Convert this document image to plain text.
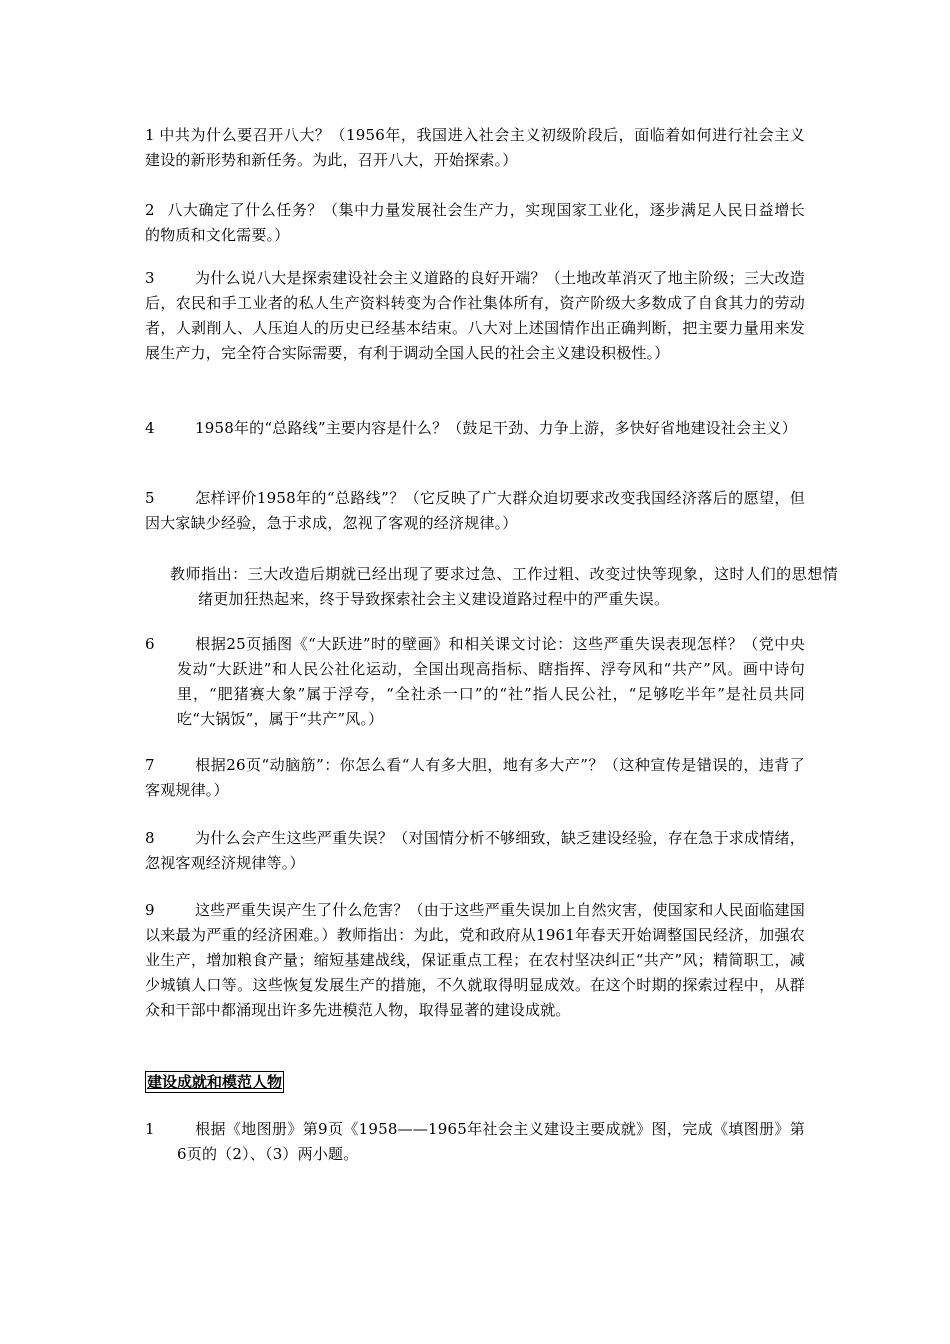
1 中共为什么要召开八大？（1956年，我国进入社会主义初级阶段后，面临着如何进行社会主义建设的新形势和新任务。为此，召开八大，开始探索。）

2 八大确定了什么任务？（集中力量发展社会生产力，实现国家工业化，逐步满足人民日益增长的物质和文化需要。）

3	为什么说八大是探索建设社会主义道路的良好开端？（土地改革消灭了地主阶级；三大改造后，农民和手工业者的私人生产资料转变为合作社集体所有，资产阶级大多数成了自食其力的劳动者，人剥削人、人压迫人的历史已经基本结束。八大对上述国情作出正确判断，把主要力量用来发展生产力，完全符合实际需要，有利于调动全国人民的社会主义建设积极性。）

4	1958年的“总路线”主要内容是什么？（鼓足干劲、力争上游，多快好省地建设社会主义）

5	怎样评价1958年的“总路线”？（它反映了广大群众迫切要求改变我国经济落后的愿望，但因大家缺少经验，急于求成，忽视了客观的经济规律。）

教师指出：三大改造后期就已经出现了要求过急、工作过粗、改变过快等现象，这时人们的思想情绪更加狂热起来，终于导致探索社会主义建设道路过程中的严重失误。

6	根据25页插图《“大跃进”时的壁画》和相关课文讨论：这些严重失误表现怎样？（党中央发动“大跃进”和人民公社化运动，全国出现高指标、瞎指挥、浮夸风和“共产”风。画中诗句里，“肥猪赛大象”属于浮夸，“全社杀一口”的“社”指人民公社，“足够吃半年”是社员共同吃“大锅饭”，属于“共产”风。）

7	根据26页“动脑筋”：你怎么看“人有多大胆，地有多大产”？（这种宣传是错误的，违背了客观规律。）

8	为什么会产生这些严重失误？（对国情分析不够细致，缺乏建设经验，存在急于求成情绪，忽视客观经济规律等。）

9	这些严重失误产生了什么危害？（由于这些严重失误加上自然灾害，使国家和人民面临建国以来最为严重的经济困难。）教师指出：为此，党和政府从1961年春天开始调整国民经济，加强农业生产，增加粮食产量；缩短基建战线，保证重点工程；在农村坚决纠正“共产”风；精简职工，减少城镇人口等。这些恢复发展生产的措施，不久就取得明显成效。在这个时期的探索过程中，从群众和干部中都涌现出许多先进模范人物，取得显著的建设成就。

建设成就和模范人物

1	根据《地图册》第9页《1958——1965年社会主义建设主要成就》图，完成《填图册》第6页的（2）、（3）两小题。
